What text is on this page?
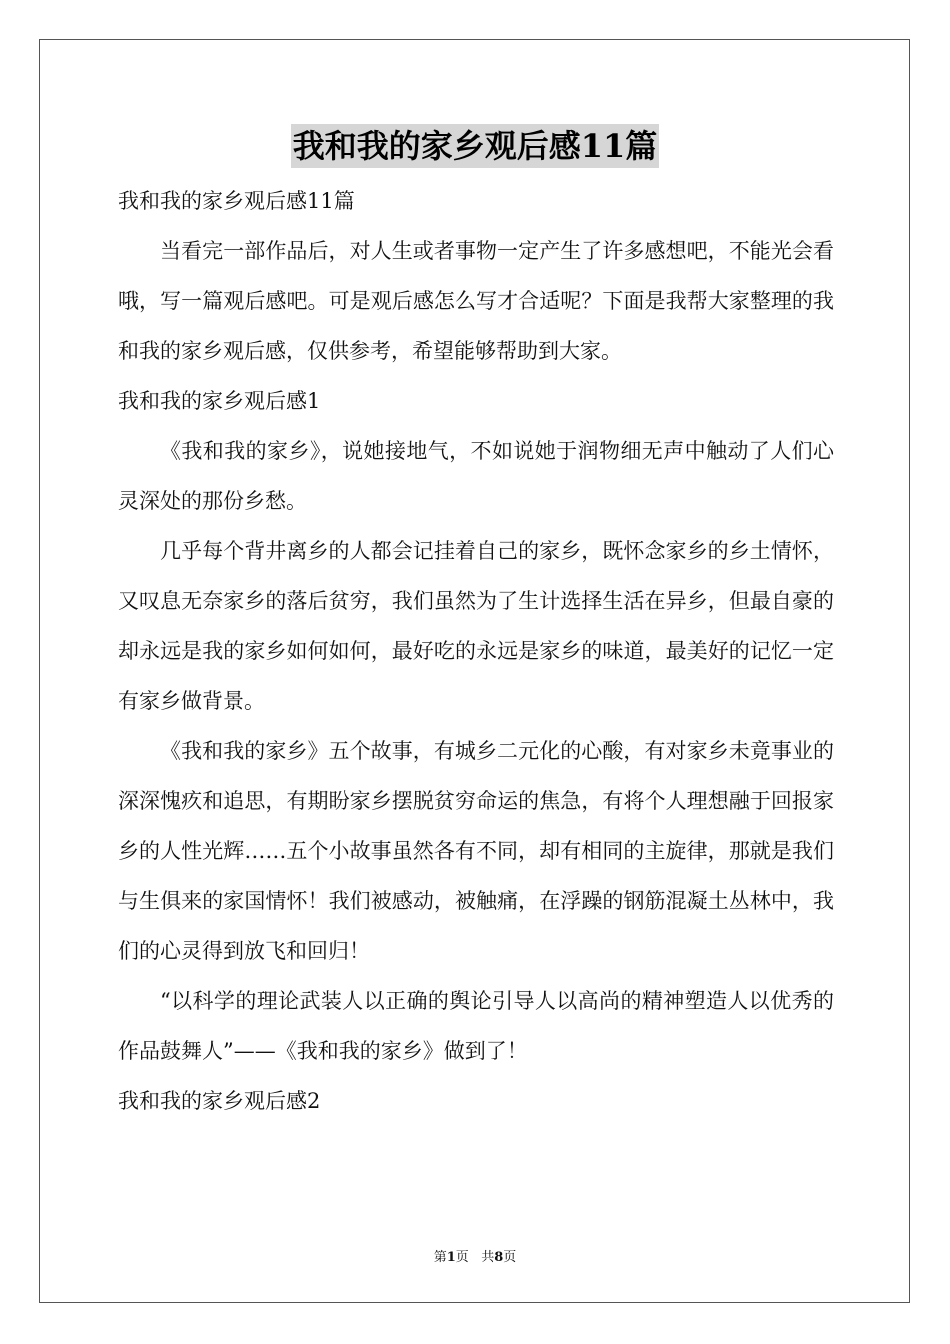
我和我的家乡观后感11篇

我和我的家乡观后感11篇

当看完一部作品后，对人生或者事物一定产生了许多感想吧，不能光会看哦，写一篇观后感吧。可是观后感怎么写才合适呢？下面是我帮大家整理的我和我的家乡观后感，仅供参考，希望能够帮助到大家。

我和我的家乡观后感1

《我和我的家乡》，说她接地气，不如说她于润物细无声中触动了人们心灵深处的那份乡愁。

几乎每个背井离乡的人都会记挂着自己的家乡，既怀念家乡的乡土情怀，又叹息无奈家乡的落后贫穷，我们虽然为了生计选择生活在异乡，但最自豪的却永远是我的家乡如何如何，最好吃的永远是家乡的味道，最美好的记忆一定有家乡做背景。

《我和我的家乡》五个故事，有城乡二元化的心酸，有对家乡未竟事业的深深愧疚和追思，有期盼家乡摆脱贫穷命运的焦急，有将个人理想融于回报家乡的人性光辉……五个小故事虽然各有不同，却有相同的主旋律，那就是我们与生俱来的家国情怀！我们被感动，被触痛，在浮躁的钢筋混凝土丛林中，我们的心灵得到放飞和回归！

“以科学的理论武装人以正确的舆论引导人以高尚的精神塑造人以优秀的作品鼓舞人”——《我和我的家乡》做到了！

我和我的家乡观后感2

第1页 共8页
